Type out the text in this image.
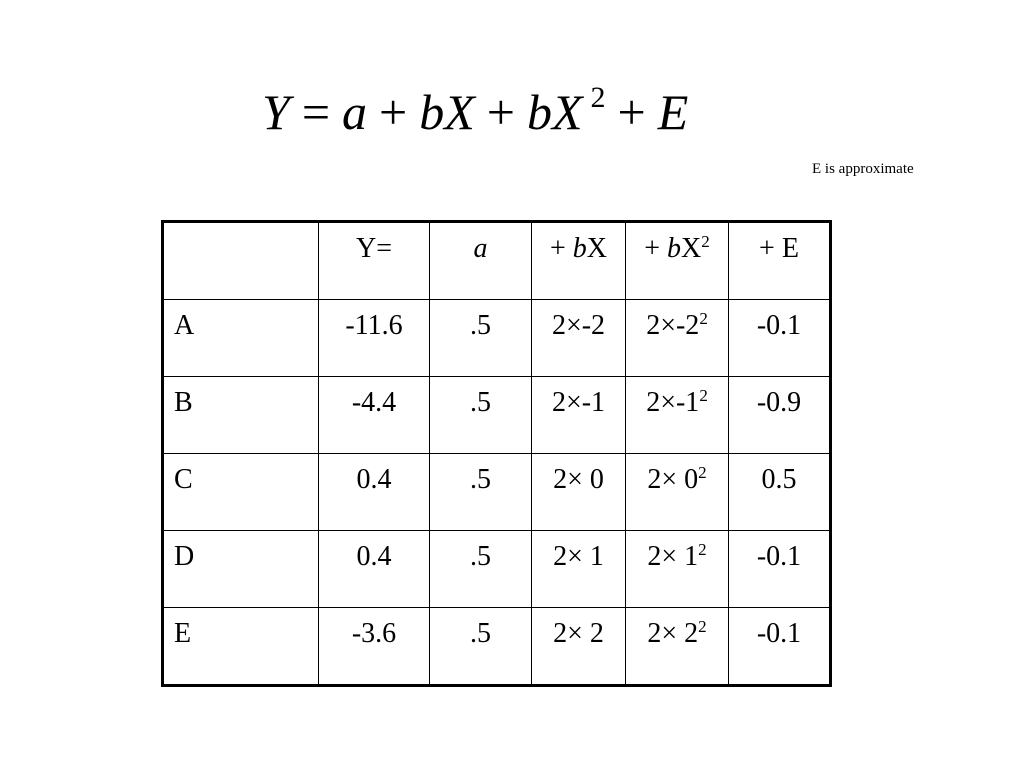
Y = a + bX + bX $^2$ + E
E is approximate
	Y=	a	+ bX	+ $bX^2$	+ E
A	-11.6	.5	2×-2	$2\times-2^2$	-0.1
B	-4.4	.5	2×-1	$2\times-1^2$	-0.9
C	0.4	.5	2× 0	$2\times 0^2$	0.5
D	0.4	.5	2× 1	$2\times 1^2$	-0.1
E	-3.6	.5	2× 2	$2\times 2^2$	-0.1
